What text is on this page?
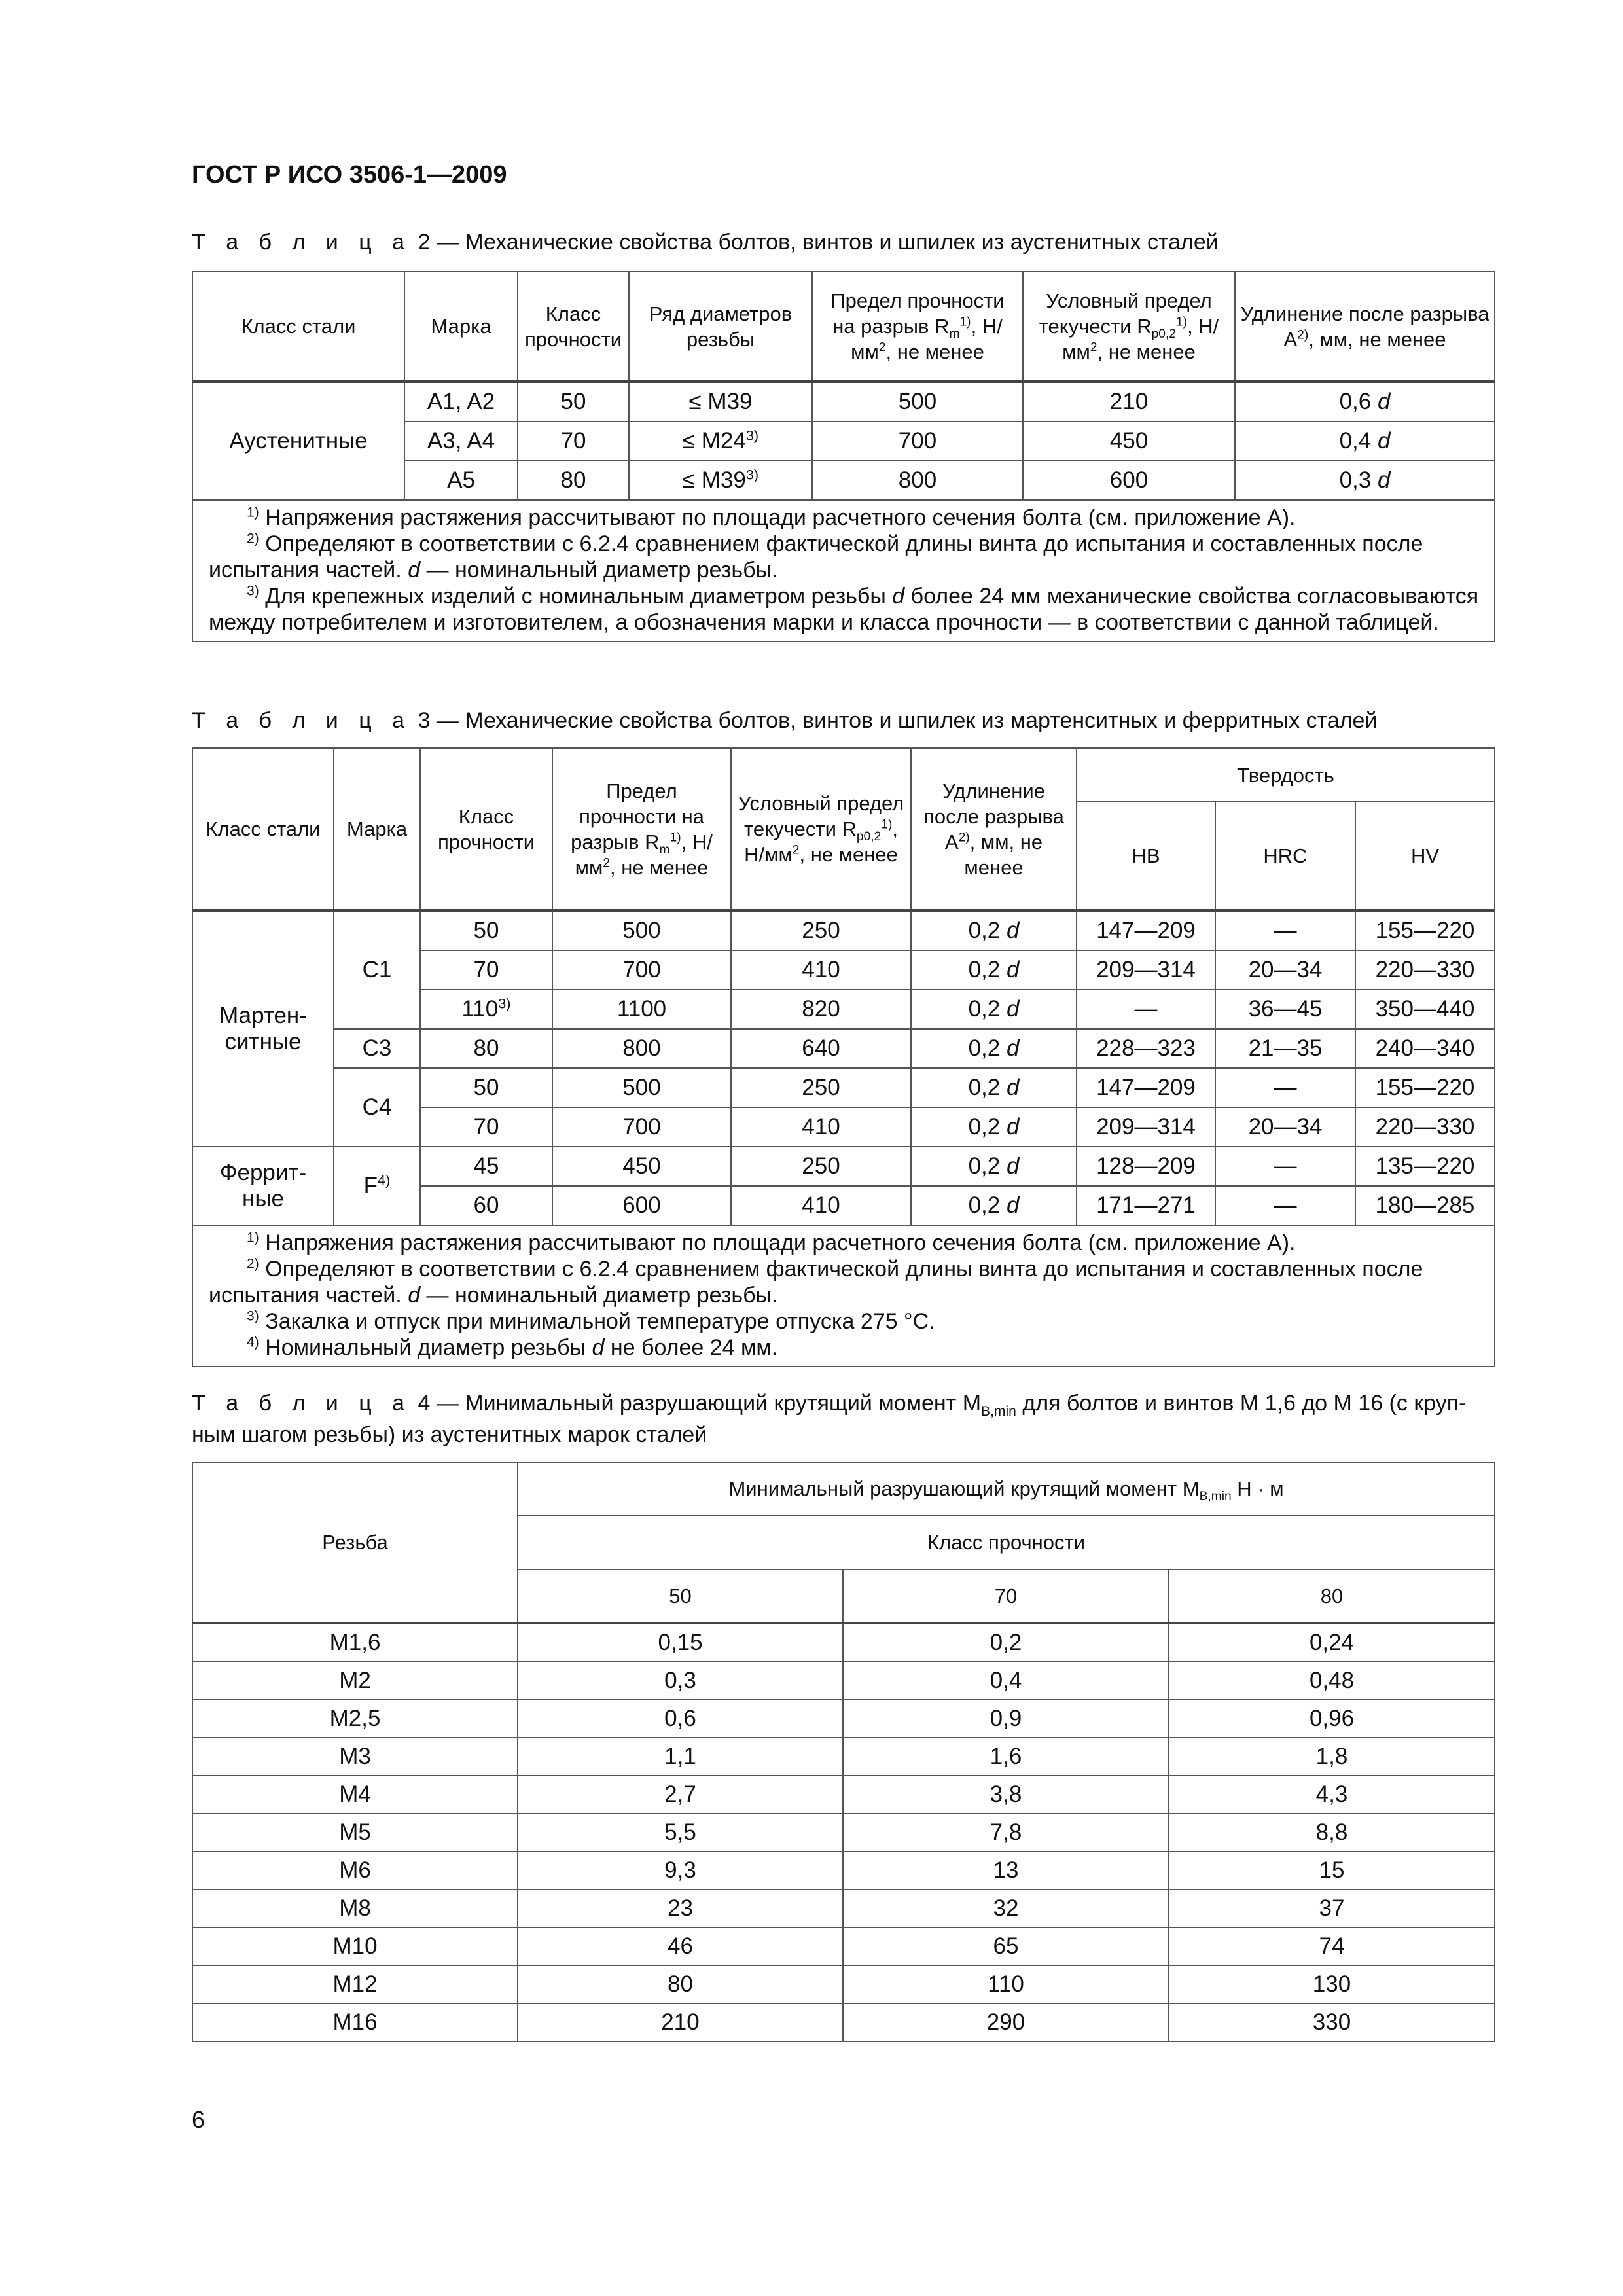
ГОСТ Р ИСО 3506-1—2009
Т а б л и ц а 2 — Механические свойства болтов, винтов и шпилек из аустенитных сталей
Класс стали	Марка	Класс прочности	Ряд диаметров резьбы	Предел прочности на разрыв $R_m^{1)}$, $Н/мм^2$, не менее	Условный предел текучести $R_{p0,2}^{1)}$, $Н/мм^2$, не менее	Удлинение после разрыва $A^{2)}$, мм, не менее
Аустенитные	A1, A2	50	≤ M39	500	210	0,6 d
	A3, A4	70	≤ $M24^{3)}$	700	450	0,4 d
	A5	80	≤ $M39^{3)}$	800	600	0,3 d

$^{1)}$ Напряжения растяжения рассчитывают по площади расчетного сечения болта (см. приложение А).

$^{2)}$ Определяют в соответствии с 6.2.4 сравнением фактической длины винта до испытания и составленных после испытания частей. d — номинальный диаметр резьбы.

$^{3)}$ Для крепежных изделий с номинальным диаметром резьбы d более 24 мм механические свойства согласовываются между потребителем и изготовителем, а обозначения марки и класса прочности — в соответствии с данной таблицей.						

Т а б л и ц а 3 — Механические свойства болтов, винтов и шпилек из мартенситных и ферритных сталей
Класс стали	Марка	Класс прочности	Предел прочности на разрыв $R_m^{1)}$, $Н/мм^2$, не менее	Условный предел текучести $R_{p0,2}^{1)}$, $Н/мм^2$, не менее	Удлинение после разрыва $A^{2)}$, мм, не менее	Твердость		
						HB	HRC	HV
Мартен-ситные	C1	50	500	250	0,2 d	147—209	—	155—220
		70	700	410	0,2 d	209—314	20—34	220—330
		110$^{3)}$	1100	820	0,2 d	—	36—45	350—440
	C3	80	800	640	0,2 d	228—323	21—35	240—340
	C4	50	500	250	0,2 d	147—209	—	155—220
		70	700	410	0,2 d	209—314	20—34	220—330
Феррит-ные	$F^{4)}$	45	450	250	0,2 d	128—209	—	135—220
		60	600	410	0,2 d	171—271	—	180—285

$^{1)}$ Напряжения растяжения рассчитывают по площади расчетного сечения болта (см. приложение А).

$^{2)}$ Определяют в соответствии с 6.2.4 сравнением фактической длины винта до испытания и составленных после испытания частей. d — номинальный диаметр резьбы.

$^{3)}$ Закалка и отпуск при минимальной температуре отпуска 275 °С.

$^{4)}$ Номинальный диаметр резьбы d не более 24 мм.								

Т а б л и ц а 4 — Минимальный разрушающий крутящий момент $M_{B,min}$ для болтов и винтов M 1,6 до M 16 (с круп-
ным шагом резьбы) из аустенитных марок сталей
Резьба	Минимальный разрушающий крутящий момент $M_{B,min}$ Н · м		
	Класс прочности		
	50	70	80
M1,6	0,15	0,2	0,24
M2	0,3	0,4	0,48
M2,5	0,6	0,9	0,96
M3	1,1	1,6	1,8
M4	2,7	3,8	4,3
M5	5,5	7,8	8,8
M6	9,3	13	15
M8	23	32	37
M10	46	65	74
M12	80	110	130
M16	210	290	330
6
